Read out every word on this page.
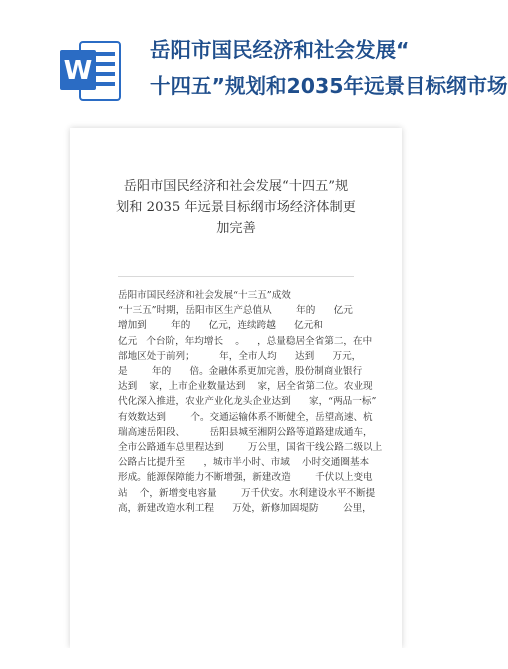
W
岳阳市国民经济和社会发展“
十四五”规划和2035年远景目标纲市场
岳阳市国民经济和社会发展“十四五”规
划和 2035 年远景目标纲市场经济体制更
加完善

岳阳市国民经济和社会发展“十三五”成效

“十三五”时期，岳阳市区生产总值从        年的      亿元

增加到        年的      亿元，连续跨越      亿元和

亿元   个台阶，年均增长    。    ，总量稳居全省第二，在中

部地区处于前列；        年，全市人均      达到      万元，

是        年的      倍。金融体系更加完善，股份制商业银行

达到    家，上市企业数量达到    家，居全省第二位。农业现

代化深入推进，农业产业化龙头企业达到      家，“两品一标”

有效数达到        个。交通运输体系不断健全，岳望高速、杭

瑞高速岳阳段、        岳阳县城至湘阴公路等道路建成通车，

全市公路通车总里程达到        万公里，国省干线公路二级以上

公路占比提升至      ，城市半小时、市域    小时交通圈基本

形成。能源保障能力不断增强，新建改造        千伏以上变电

站    个，新增变电容量        万千伏安。水利建设水平不断提

高，新建改造水利工程      万处，新修加固堤防        公里，
